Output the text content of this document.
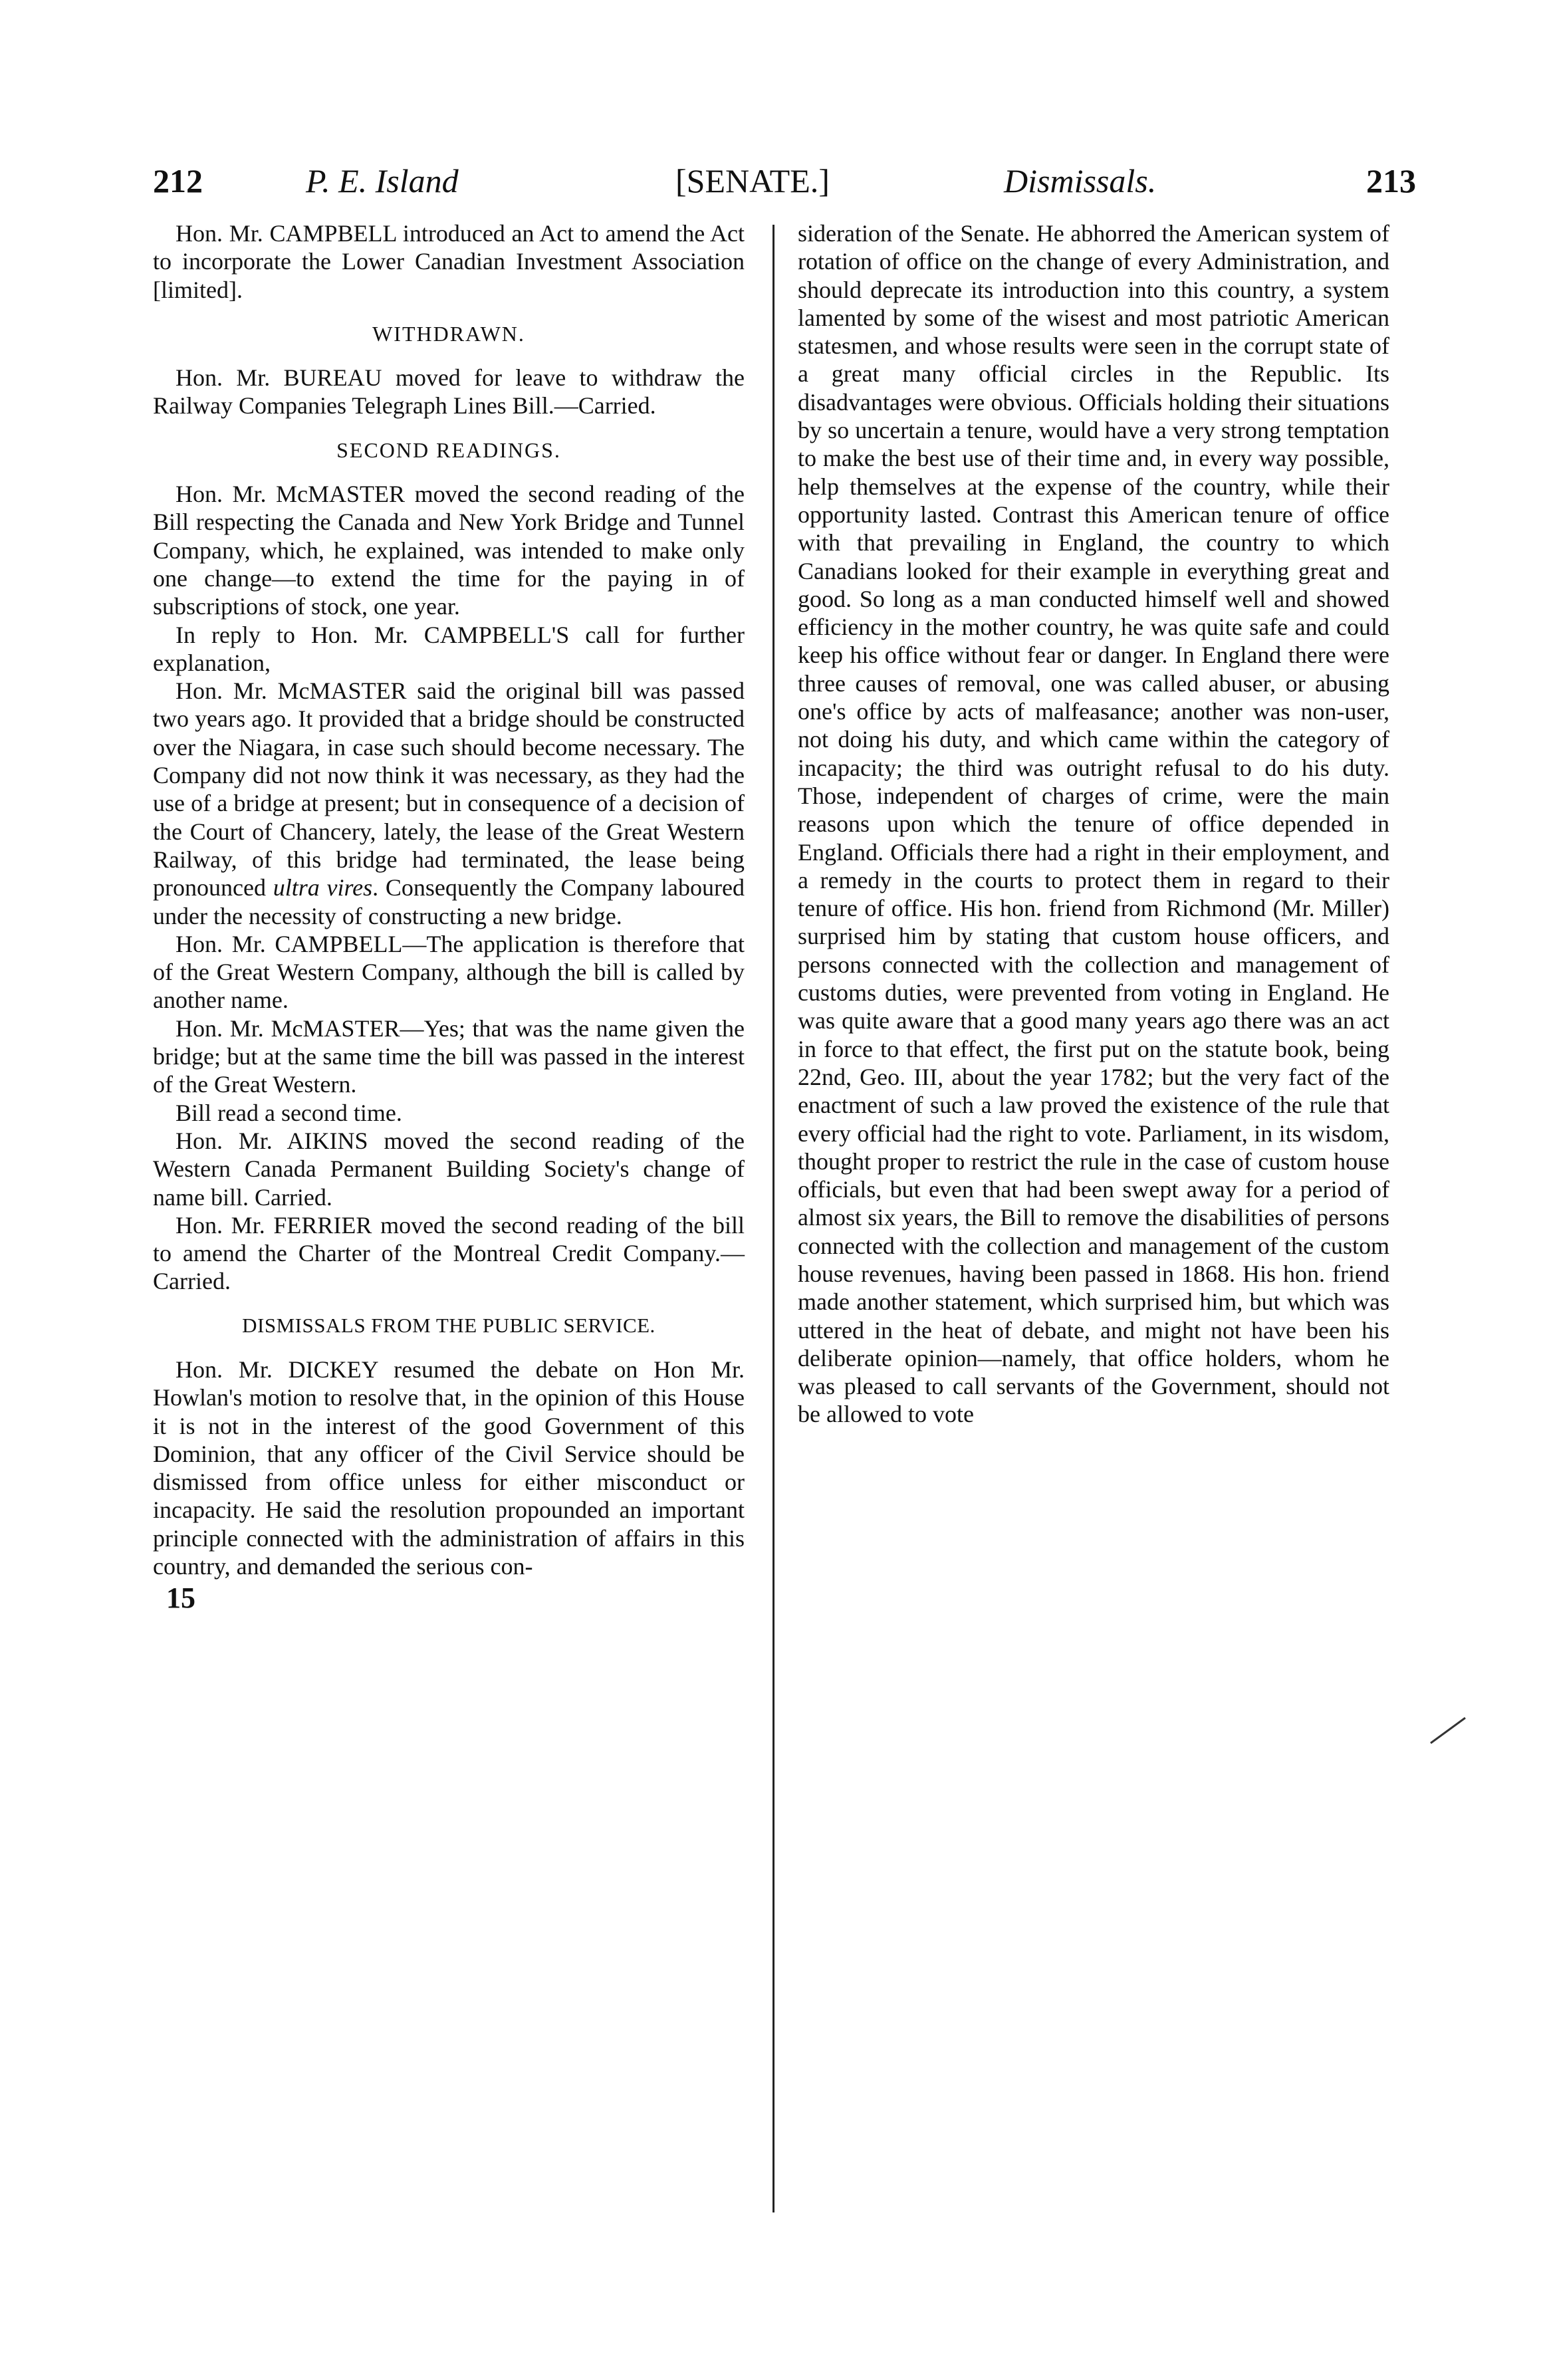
212	P. E. Island	[SENATE.]	Dismissals.	213

Hon. Mr. CAMPBELL introduced an Act to amend the Act to incorporate the Lower Canadian Investment Association [limited].

WITHDRAWN.

Hon. Mr. BUREAU moved for leave to withdraw the Railway Companies Telegraph Lines Bill.—Carried.

SECOND READINGS.

Hon. Mr. McMASTER moved the second reading of the Bill respecting the Canada and New York Bridge and Tunnel Company, which, he explained, was intended to make only one change—to extend the time for the paying in of subscriptions of stock, one year.

In reply to Hon. Mr. CAMPBELL'S call for further explanation,

Hon. Mr. McMASTER said the original bill was passed two years ago. It provided that a bridge should be constructed over the Niagara, in case such should become necessary. The Company did not now think it was necessary, as they had the use of a bridge at present; but in consequence of a decision of the Court of Chancery, lately, the lease of the Great Western Railway, of this bridge had terminated, the lease being pronounced ultra vires. Consequently the Company laboured under the necessity of constructing a new bridge.

Hon. Mr. CAMPBELL—The application is therefore that of the Great Western Company, although the bill is called by another name.

Hon. Mr. McMASTER—Yes; that was the name given the bridge; but at the same time the bill was passed in the interest of the Great Western.

Bill read a second time.

Hon. Mr. AIKINS moved the second reading of the Western Canada Permanent Building Society's change of name bill. Carried.

Hon. Mr. FERRIER moved the second reading of the bill to amend the Charter of the Montreal Credit Company.—Carried.

DISMISSALS FROM THE PUBLIC SERVICE.

Hon. Mr. DICKEY resumed the debate on Hon Mr. Howlan's motion to resolve that, in the opinion of this House it is not in the interest of the good Government of this Dominion, that any officer of the Civil Service should be dismissed from office unless for either misconduct or incapacity. He said the resolution propounded an important principle connected with the administration of affairs in this country, and demanded the serious con-

15

sideration of the Senate. He abhorred the American system of rotation of office on the change of every Administration, and should deprecate its introduction into this country, a system lamented by some of the wisest and most patriotic American statesmen, and whose results were seen in the corrupt state of a great many official circles in the Republic. Its disadvantages were obvious. Officials holding their situations by so uncertain a tenure, would have a very strong temptation to make the best use of their time and, in every way possible, help themselves at the expense of the country, while their opportunity lasted. Contrast this American tenure of office with that prevailing in England, the country to which Canadians looked for their example in everything great and good. So long as a man conducted himself well and showed efficiency in the mother country, he was quite safe and could keep his office without fear or danger. In England there were three causes of removal, one was called abuser, or abusing one's office by acts of malfeasance; another was non-user, not doing his duty, and which came within the category of incapacity; the third was outright refusal to do his duty. Those, independent of charges of crime, were the main reasons upon which the tenure of office depended in England. Officials there had a right in their employment, and a remedy in the courts to protect them in regard to their tenure of office. His hon. friend from Richmond (Mr. Miller) surprised him by stating that custom house officers, and persons connected with the collection and management of customs duties, were prevented from voting in England. He was quite aware that a good many years ago there was an act in force to that effect, the first put on the statute book, being 22nd, Geo. III, about the year 1782; but the very fact of the enactment of such a law proved the existence of the rule that every official had the right to vote. Parliament, in its wisdom, thought proper to restrict the rule in the case of custom house officials, but even that had been swept away for a period of almost six years, the Bill to remove the disabilities of persons connected with the collection and management of the custom house revenues, having been passed in 1868. His hon. friend made another statement, which surprised him, but which was uttered in the heat of debate, and might not have been his deliberate opinion—namely, that office holders, whom he was pleased to call servants of the Government, should not be allowed to vote
